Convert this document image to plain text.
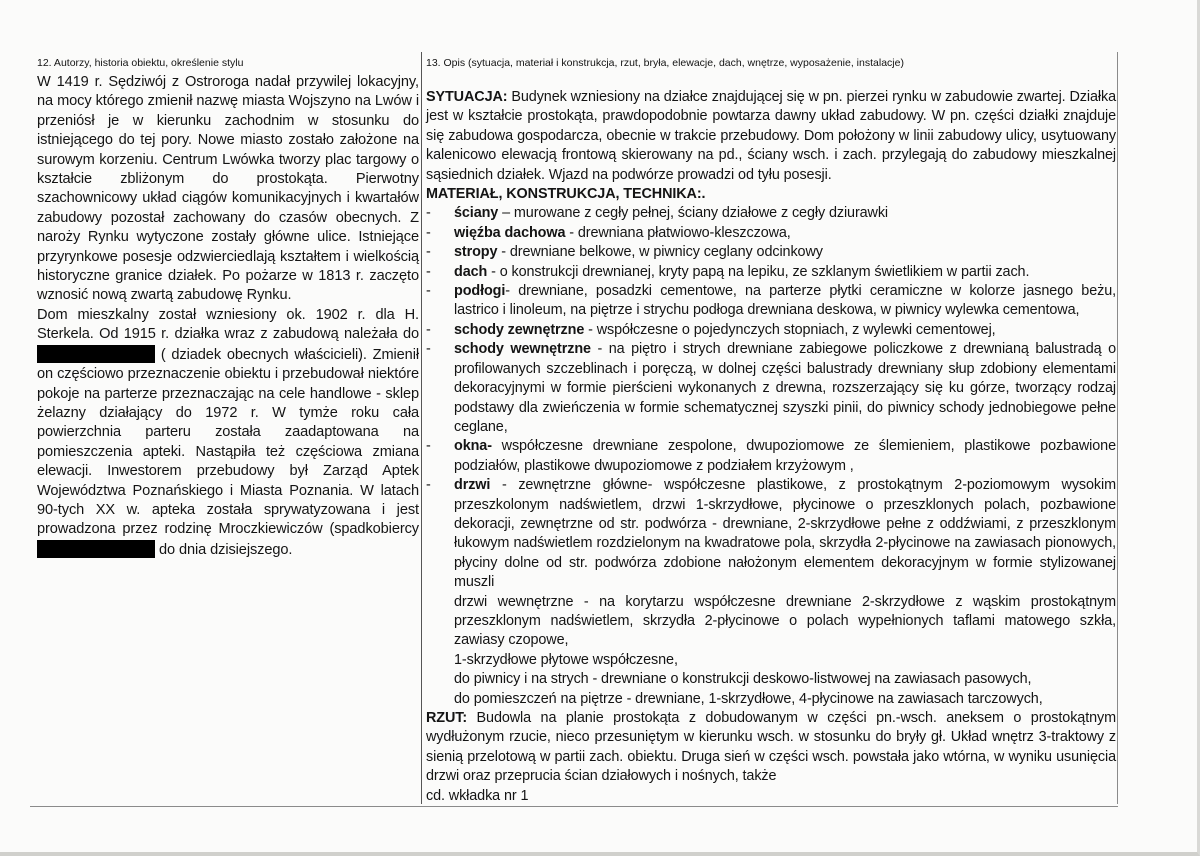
12. Autorzy, historia obiektu, określenie stylu

W 1419 r. Sędziwój z Ostroroga nadał przywilej lokacyjny, na mocy którego zmienił nazwę miasta Wojszyno na Lwów i przeniósł je w kierunku zachodnim w stosunku do istniejącego do tej pory. Nowe miasto zostało założone na surowym korzeniu. Centrum Lwówka tworzy plac targowy o kształcie zbliżonym do prostokąta. Pierwotny szachownicowy układ ciągów komunikacyjnych i kwartałów zabudowy pozostał zachowany do czasów obecnych. Z naroży Rynku wytyczone zostały główne ulice. Istniejące przyrynkowe posesje odzwierciedlają kształtem i wielkością historyczne granice działek. Po pożarze w 1813 r. zaczęto wznosić nową zwartą zabudowę Rynku.

Dom mieszkalny został wzniesiony ok. 1902 r. dla H. Sterkela. Od 1915 r. działka wraz z zabudową należała do  ( dziadek obecnych właścicieli). Zmienił on częściowo przeznaczenie obiektu i przebudował niektóre pokoje na parterze przeznaczając na cele handlowe - sklep żelazny działający do 1972 r. W tymże roku cała powierzchnia parteru została zaadaptowana na pomieszczenia apteki. Nastąpiła też częściowa zmiana elewacji. Inwestorem przebudowy był Zarząd Aptek Województwa Poznańskiego i Miasta Poznania. W latach 90-tych XX w. apteka została sprywatyzowana i jest prowadzona przez rodzinę Mroczkiewiczów (spadkobiercy do dnia dzisiejszego.

13. Opis (sytuacja, materiał i konstrukcja, rzut, bryła, elewacje, dach, wnętrze, wyposażenie, instalacje)

SYTUACJA: Budynek wzniesiony na działce znajdującej się w pn. pierzei rynku w zabudowie zwartej. Działka jest w kształcie prostokąta, prawdopodobnie powtarza dawny układ zabudowy. W pn. części działki znajduje się zabudowa gospodarcza, obecnie w trakcie przebudowy. Dom położony w linii zabudowy ulicy, usytuowany kalenicowo elewacją frontową skierowany na pd., ściany wsch. i zach. przylegają do zabudowy mieszkalnej sąsiednich działek. Wjazd na podwórze prowadzi od tyłu posesji.

MATERIAŁ, KONSTRUKCJA, TECHNIKA:.

-	ściany – murowane z cegły pełnej, ściany działowe z cegły dziurawki

-	więźba dachowa - drewniana płatwiowo-kleszczowa,

-	stropy - drewniane belkowe, w piwnicy ceglany odcinkowy

-	dach - o konstrukcji drewnianej, kryty papą na lepiku, ze szklanym świetlikiem w partii zach.

-	podłogi- drewniane, posadzki cementowe, na parterze płytki ceramiczne w kolorze jasnego beżu, lastrico i linoleum, na piętrze i strychu podłoga drewniana deskowa, w piwnicy wylewka cementowa,

-	schody zewnętrzne - współczesne o pojedynczych stopniach, z wylewki cementowej,

-	schody wewnętrzne - na piętro i strych drewniane zabiegowe policzkowe z drewnianą balustradą o profilowanych szczeblinach i poręczą, w dolnej części balustrady drewniany słup zdobiony elementami dekoracyjnymi w formie pierścieni wykonanych z drewna, rozszerzający się ku górze, tworzący rodzaj podstawy dla zwieńczenia w formie schematycznej szyszki pinii, do piwnicy schody jednobiegowe pełne ceglane,

-	okna- współczesne drewniane zespolone, dwupoziomowe ze ślemieniem, plastikowe pozbawione podziałów, plastikowe dwupoziomowe z podziałem krzyżowym ,

-	drzwi - zewnętrzne główne- współczesne plastikowe, z prostokątnym 2-poziomowym wysokim przeszkolonym nadświetlem, drzwi 1-skrzydłowe, płycinowe o przeszklonych polach, pozbawione dekoracji, zewnętrzne od str. podwórza - drewniane, 2-skrzydłowe pełne z oddźwiami, z przeszklonym łukowym nadświetlem rozdzielonym na kwadratowe pola, skrzydła 2-płycinowe na zawiasach pionowych, płyciny dolne od str. podwórza zdobione nałożonym elementem dekoracyjnym w formie stylizowanej muszli

drzwi wewnętrzne - na korytarzu współczesne drewniane 2-skrzydłowe z wąskim prostokątnym przeszklonym nadświetlem, skrzydła 2-płycinowe o polach wypełnionych taflami matowego szkła, zawiasy czopowe,

1-skrzydłowe płytowe współczesne,

do piwnicy i na strych - drewniane o konstrukcji deskowo-listwowej na zawiasach pasowych,

do pomieszczeń na piętrze - drewniane, 1-skrzydłowe, 4-płycinowe na zawiasach tarczowych,

RZUT: Budowla na planie prostokąta z dobudowanym w części pn.-wsch. aneksem o prostokątnym wydłużonym rzucie, nieco przesuniętym w kierunku wsch. w stosunku do bryły gł. Układ wnętrz 3-traktowy z sienią przelotową w partii zach. obiektu. Druga sień w części wsch. powstała jako wtórna, w wyniku usunięcia drzwi oraz przeprucia ścian działowych i nośnych, także

cd. wkładka nr 1
